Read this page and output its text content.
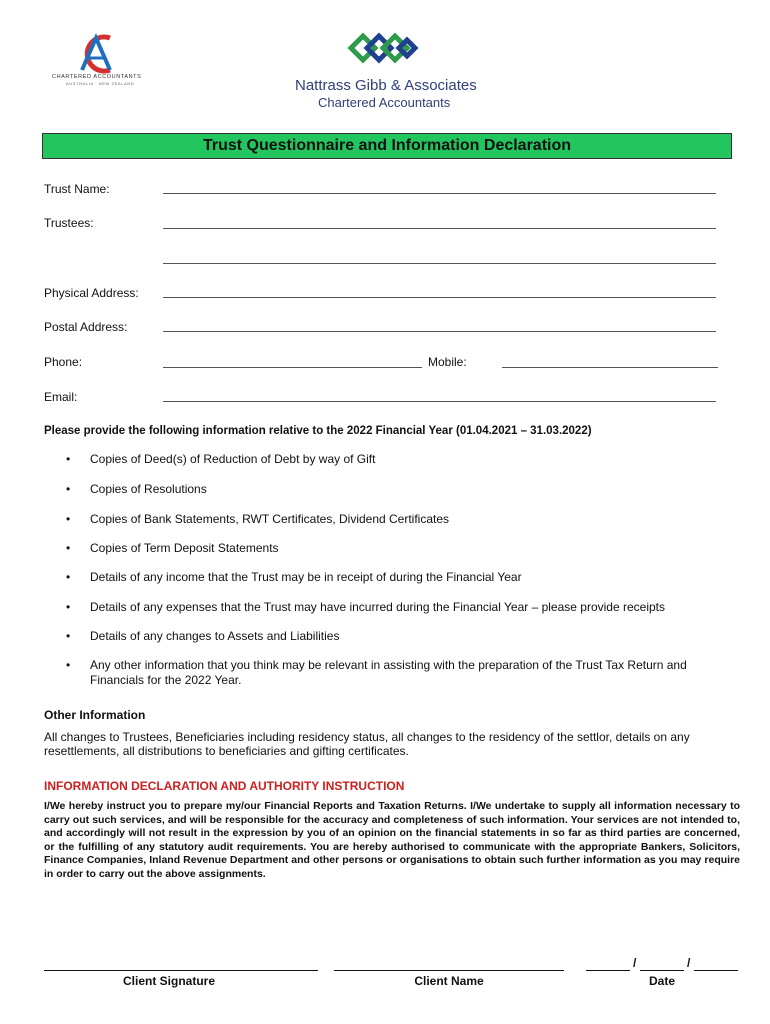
CHARTERED ACCOUNTANTS
AUSTRALIA · NEW ZEALAND	Nattrass Gibb & Associates
Chartered Accountants
Trust Questionnaire and Information Declaration
Trust Name:
Trustees:
Physical Address:
Postal Address:
Phone:	Mobile:
Email:
Please provide the following information relative to the 2022 Financial Year (01.04.2021 – 31.03.2022)
• Copies of Deed(s) of Reduction of Debt by way of Gift
• Copies of Resolutions
• Copies of Bank Statements, RWT Certificates, Dividend Certificates
• Copies of Term Deposit Statements
• Details of any income that the Trust may be in receipt of during the Financial Year
• Details of any expenses that the Trust may have incurred during the Financial Year – please provide receipts
• Details of any changes to Assets and Liabilities
• Any other information that you think may be relevant in assisting with the preparation of the Trust Tax Return and Financials for the 2022 Year.
Other Information
All changes to Trustees, Beneficiaries including residency status, all changes to the residency of the settlor, details on any resettlements, all distributions to beneficiaries and gifting certificates.
INFORMATION DECLARATION AND AUTHORITY INSTRUCTION
I/We hereby instruct you to prepare my/our Financial Reports and Taxation Returns. I/We undertake to supply all information necessary to carry out such services, and will be responsible for the accuracy and completeness of such information. Your services are not intended to, and accordingly will not result in the expression by you of an opinion on the financial statements in so far as third parties are concerned, or the fulfilling of any statutory audit requirements. You are hereby authorised to communicate with the appropriate Bankers, Solicitors, Finance Companies, Inland Revenue Department and other persons or organisations to obtain such further information as you may require in order to carry out the above assignments.
/	/
Client Signature	Client Name	Date
